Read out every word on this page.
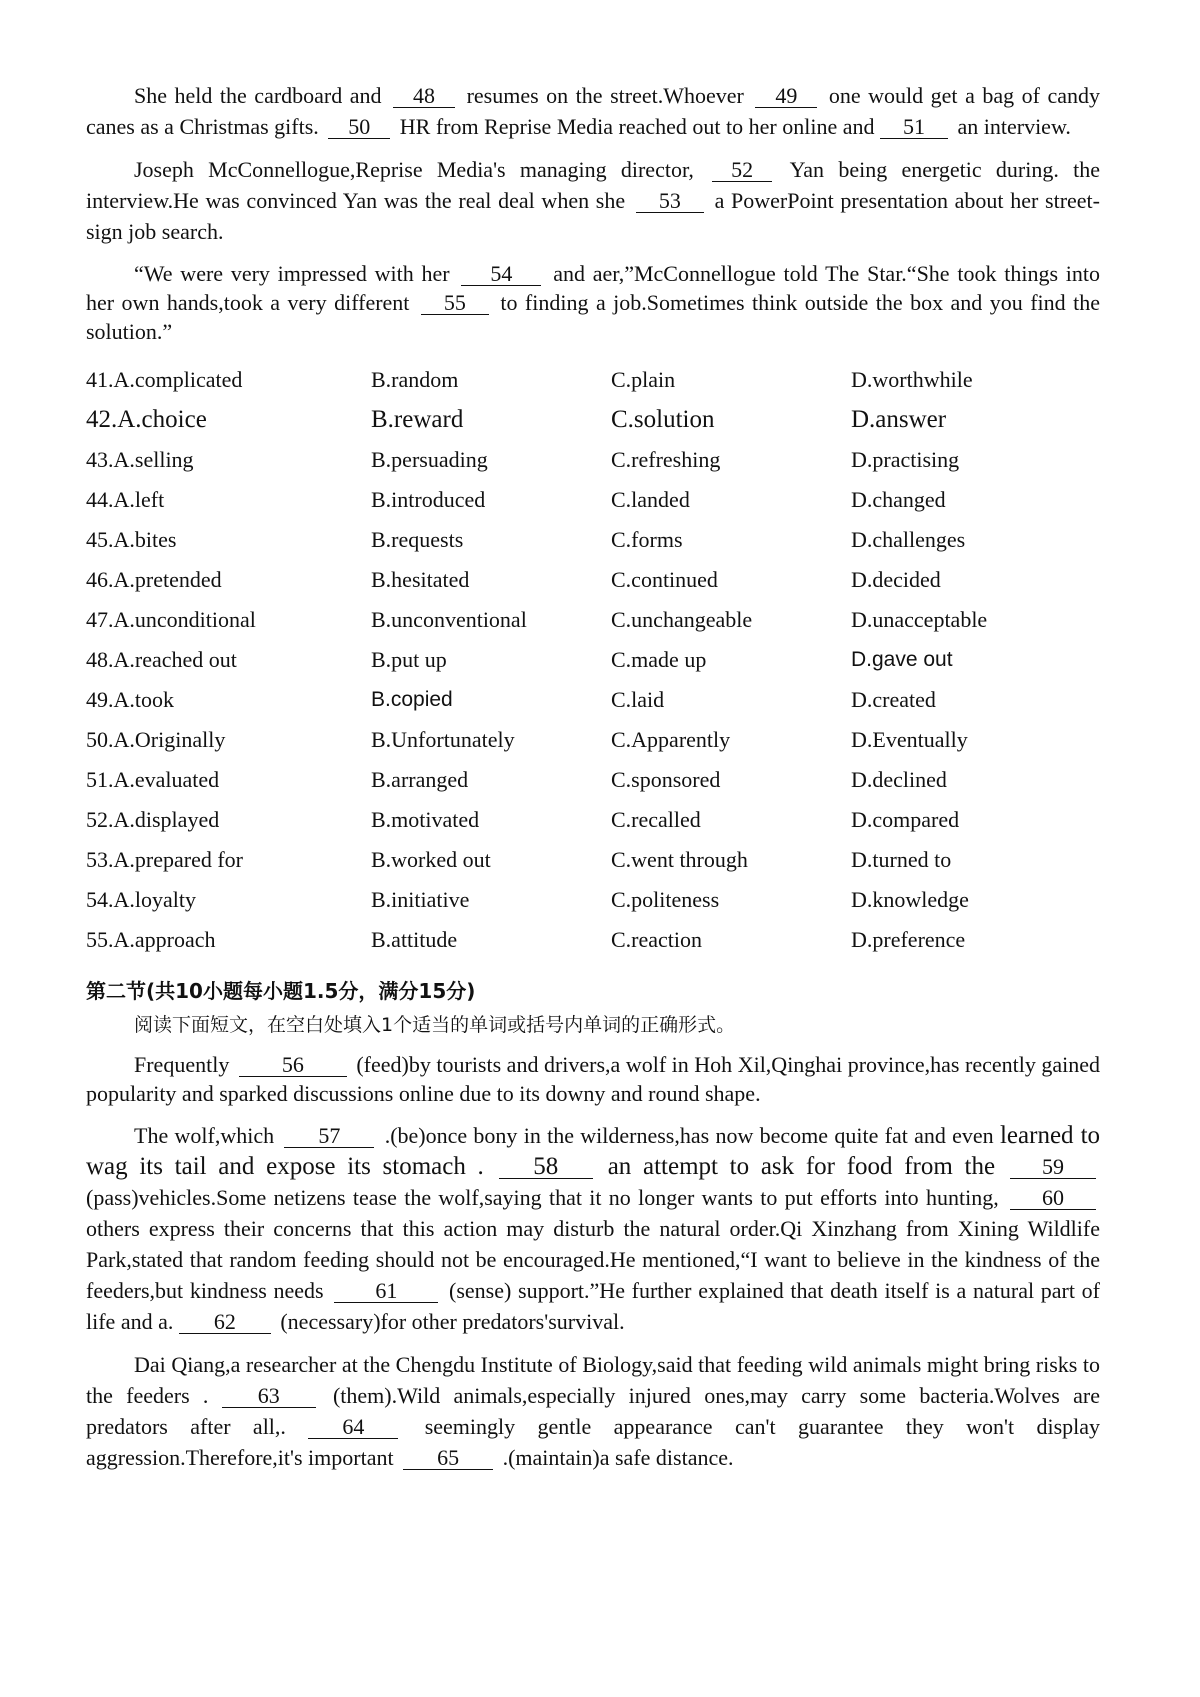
She held the cardboard and 48 resumes on the street.Whoever 49 one would get a bag of candy canes as a Christmas gifts. 50 HR from Reprise Media reached out to her online and 51 an interview.

Joseph McConnellogue,Reprise Media's managing director, 52 Yan being energetic during. the interview.He was convinced Yan was the real deal when she 53 a PowerPoint presentation about her street-sign job search.

“We were very impressed with her 54 and aer,”McConnellogue told The Star.“She took things into her own hands,took a very different 55 to finding a job.Sometimes think outside the box and you find the solution.”

41.A.complicated	B.random	C.plain	D.worthwhile
42.A.choice	B.reward	C.solution	D.answer
43.A.selling	B.persuading	C.refreshing	D.practising
44.A.left	B.introduced	C.landed	D.changed
45.A.bites	B.requests	C.forms	D.challenges
46.A.pretended	B.hesitated	C.continued	D.decided
47.A.unconditional	B.unconventional	C.unchangeable	D.unacceptable
48.A.reached out	B.put up	C.made up	D.gave out
49.A.took	B.copied	C.laid	D.created
50.A.Originally	B.Unfortunately	C.Apparently	D.Eventually
51.A.evaluated	B.arranged	C.sponsored	D.declined
52.A.displayed	B.motivated	C.recalled	D.compared
53.A.prepared for	B.worked out	C.went through	D.turned to
54.A.loyalty	B.initiative	C.politeness	D.knowledge
55.A.approach	B.attitude	C.reaction	D.preference
第二节(共10小题每小题1.5分，满分15分)
阅读下面短文，在空白处填入1个适当的单词或括号内单词的正确形式。

Frequently 56 (feed)by tourists and drivers,a wolf in Hoh Xil,Qinghai province,has recently gained popularity and sparked discussions online due to its downy and round shape.

The wolf,which 57 .(be)once bony in the wilderness,has now become quite fat and even learned to wag its tail and expose its stomach . 58 an attempt to ask for food from the 59 (pass)vehicles.Some netizens tease the wolf,saying that it no longer wants to put efforts into hunting, 60 others express their concerns that this action may disturb the natural order.Qi Xinzhang from Xining Wildlife Park,stated that random feeding should not be encouraged.He mentioned,“I want to believe in the kindness of the feeders,but kindness needs 61 (sense) support.”He further explained that death itself is a natural part of life and a. 62 (necessary)for other predators'survival.

Dai Qiang,a researcher at the Chengdu Institute of Biology,said that feeding wild animals might bring risks to the feeders . 63 (them).Wild animals,especially injured ones,may carry some bacteria.Wolves are predators after all,.	64	seemingly gentle appearance can't guarantee they won't display aggression.Therefore,it's important 65 .(maintain)a safe distance.
